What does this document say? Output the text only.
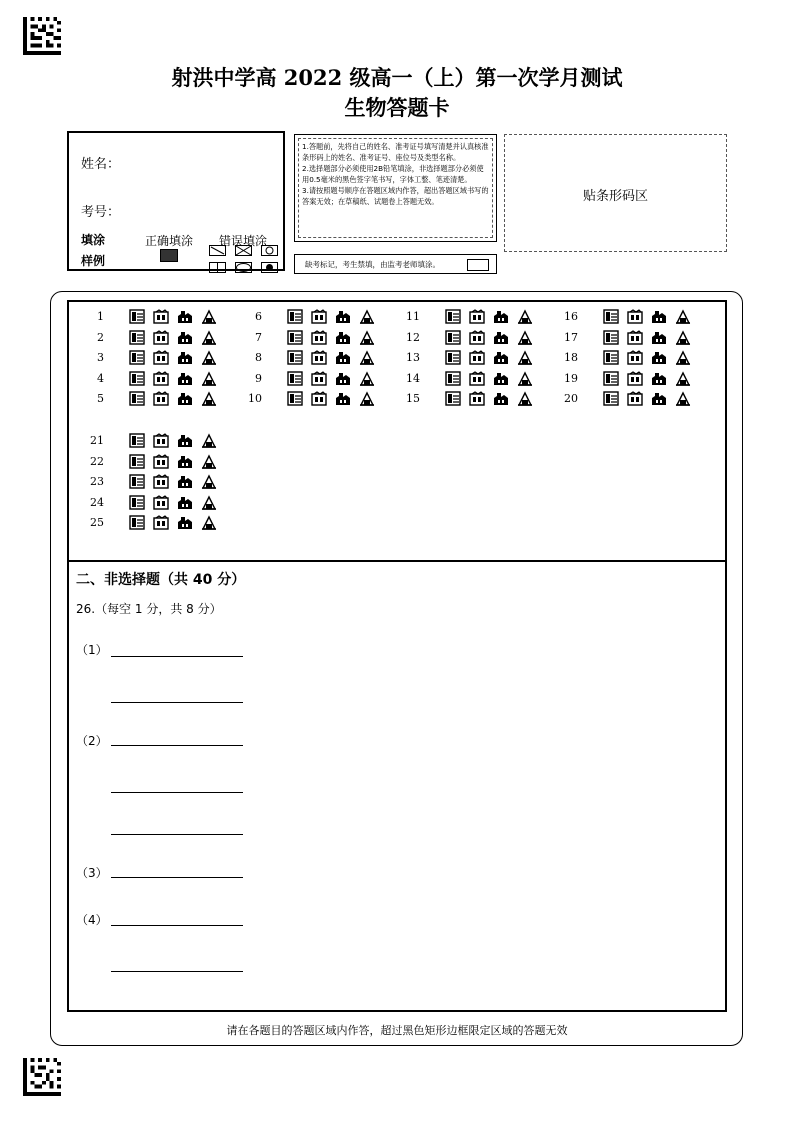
射洪中学高 2022 级高一（上）第一次学月测试
生物答题卡
姓名：
考号：
填涂
样例
正确填涂 错误填涂

1.答题前，先将自己的姓名、准考证号填写清楚并认真核准条形码上的姓名、准考证号、座位号及类型名称。

2.选择题部分必须使用2B铅笔填涂，非选择题部分必须使用0.5毫米的黑色签字笔书写，字体工整、笔迹清楚。

3.请按照题号顺序在答题区域内作答，超出答题区域书写的答案无效；在草稿纸、试题卷上答题无效。

缺考标记，考生禁填，由监考老师填涂。
贴条形码区
1
2
3
4
5
6
7
8
9
10
11
12
13
14
15
16
17
18
19
20
21
22
23
24
25
二、非选择题（共 40 分）
26.（每空 1 分，共 8 分）
（1）
（2）
（3）
（4）
请在各题目的答题区域内作答，超过黑色矩形边框限定区域的答题无效
